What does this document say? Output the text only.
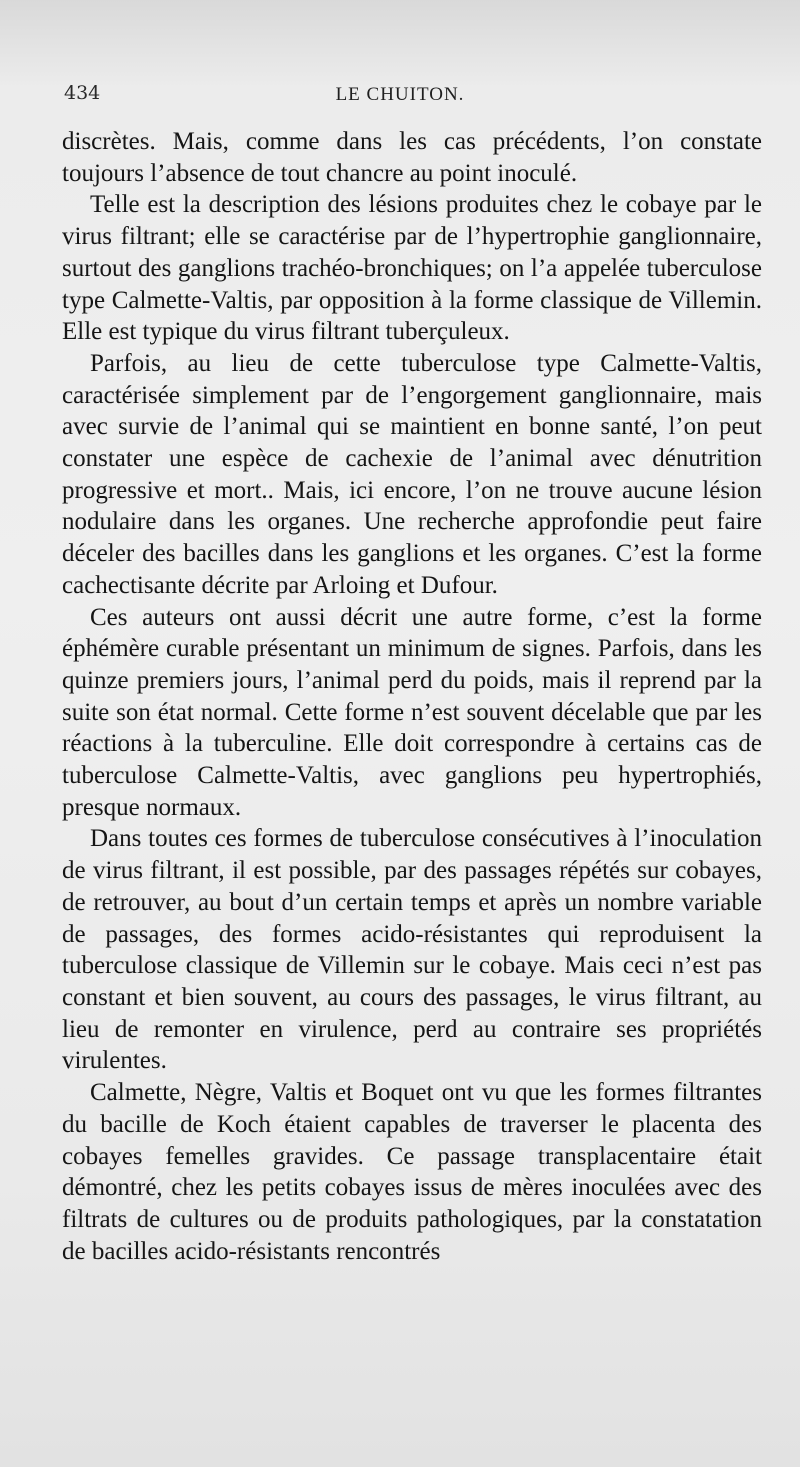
434	LE CHUITON.

discrètes. Mais, comme dans les cas précédents, l’on constate toujours l’absence de tout chancre au point inoculé.

Telle est la description des lésions produites chez le cobaye par le virus filtrant; elle se caractérise par de l’hypertrophie ganglionnaire, surtout des ganglions trachéo-bronchiques; on l’a appelée tuberculose type Calmette-Valtis, par opposition à la forme classique de Villemin. Elle est typique du virus filtrant tuberçuleux.

Parfois, au lieu de cette tuberculose type Calmette-Valtis, caractérisée simplement par de l’engorgement ganglionnaire, mais avec survie de l’animal qui se maintient en bonne santé, l’on peut constater une espèce de cachexie de l’animal avec dénutrition progressive et mort.. Mais, ici encore, l’on ne trouve aucune lésion nodulaire dans les organes. Une recherche approfondie peut faire déceler des bacilles dans les ganglions et les organes. C’est la forme cachectisante décrite par Arloing et Dufour.

Ces auteurs ont aussi décrit une autre forme, c’est la forme éphémère curable présentant un minimum de signes. Parfois, dans les quinze premiers jours, l’animal perd du poids, mais il reprend par la suite son état normal. Cette forme n’est souvent décelable que par les réactions à la tuberculine. Elle doit correspondre à certains cas de tuberculose Calmette-Valtis, avec ganglions peu hypertrophiés, presque normaux.

Dans toutes ces formes de tuberculose consécutives à l’inoculation de virus filtrant, il est possible, par des passages répétés sur cobayes, de retrouver, au bout d’un certain temps et après un nombre variable de passages, des formes acido-résistantes qui reproduisent la tuberculose classique de Villemin sur le cobaye. Mais ceci n’est pas constant et bien souvent, au cours des passages, le virus filtrant, au lieu de remonter en virulence, perd au contraire ses propriétés virulentes.

Calmette, Nègre, Valtis et Boquet ont vu que les formes filtrantes du bacille de Koch étaient capables de traverser le placenta des cobayes femelles gravides. Ce passage transplacentaire était démontré, chez les petits cobayes issus de mères inoculées avec des filtrats de cultures ou de produits pathologiques, par la constatation de bacilles acido-résistants rencontrés
